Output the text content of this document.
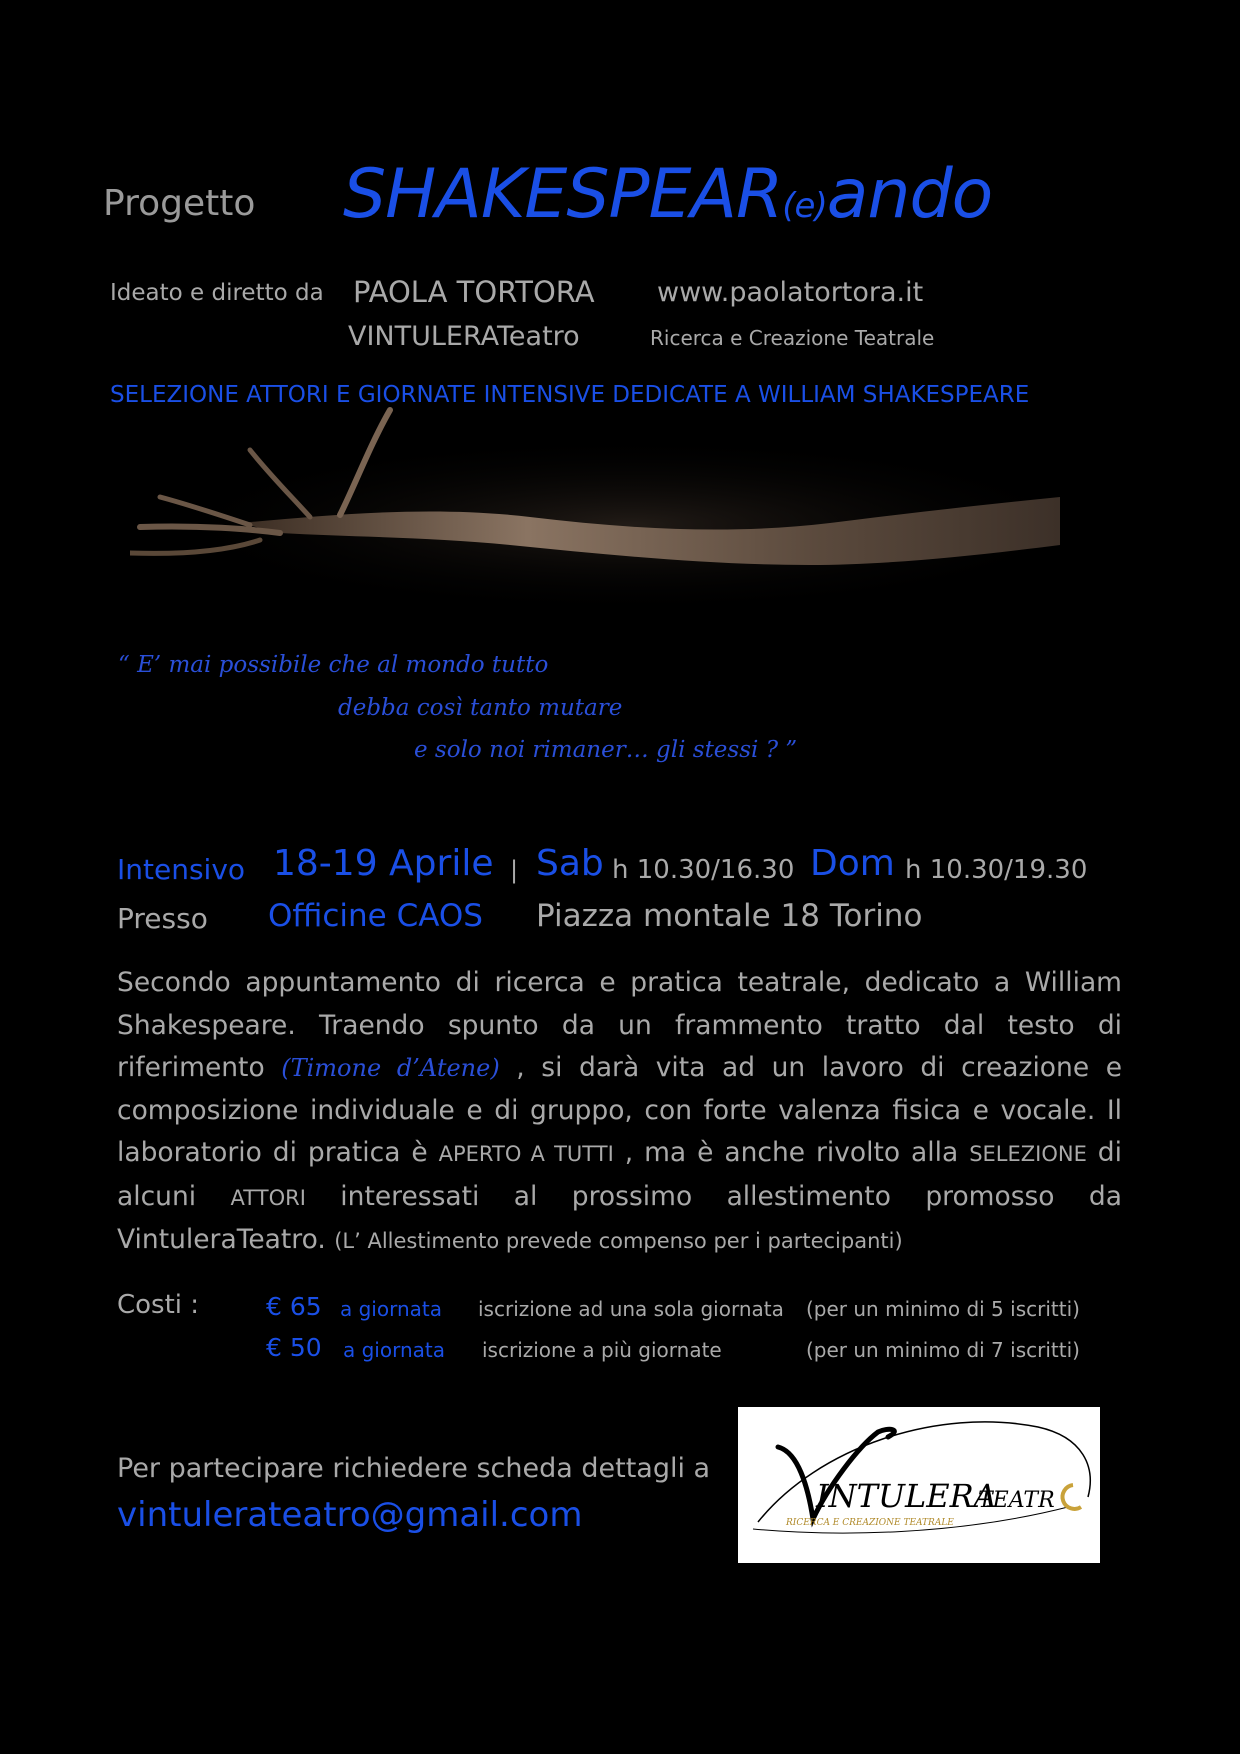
Progetto SHAKESPEAR(e)ando
Ideato e diretto da PAOLA TORTORA www.paolatortora.it
VINTULERATeatro	Ricerca e Creazione Teatrale
SELEZIONE ATTORI E GIORNATE INTENSIVE DEDICATE A WILLIAM SHAKESPEARE
“ E’ mai possibile che al mondo tutto
debba così tanto mutare
e solo noi rimaner… gli stessi ? ”
Intensivo 18-19 Aprile | Sab h 10.30/16.30 Dom h 10.30/19.30
Presso Officine CAOS Piazza montale 18 Torino
Secondo appuntamento di ricerca e pratica teatrale, dedicato a William Shakespeare. Traendo spunto da un frammento tratto dal testo di riferimento (Timone d’Atene) , si darà vita ad un lavoro di creazione e composizione individuale e di gruppo, con forte valenza fisica e vocale. Il laboratorio di pratica è APERTO A TUTTI , ma è anche rivolto alla SELEZIONE di alcuni ATTORI interessati al prossimo allestimento promosso da VintuleraTeatro. (L’ Allestimento prevede compenso per i partecipanti)
Costi :	€ 65 a giornata iscrizione ad una sola giornata (per un minimo di 5 iscritti)
€ 50 a giornata iscrizione a più giornate	(per un minimo di 7 iscritti)
Per partecipare richiedere scheda dettagli a
vintulerateatro@gmail.com	INTULERA
TEATR
RICERCA E CREAZIONE TEATRALE
